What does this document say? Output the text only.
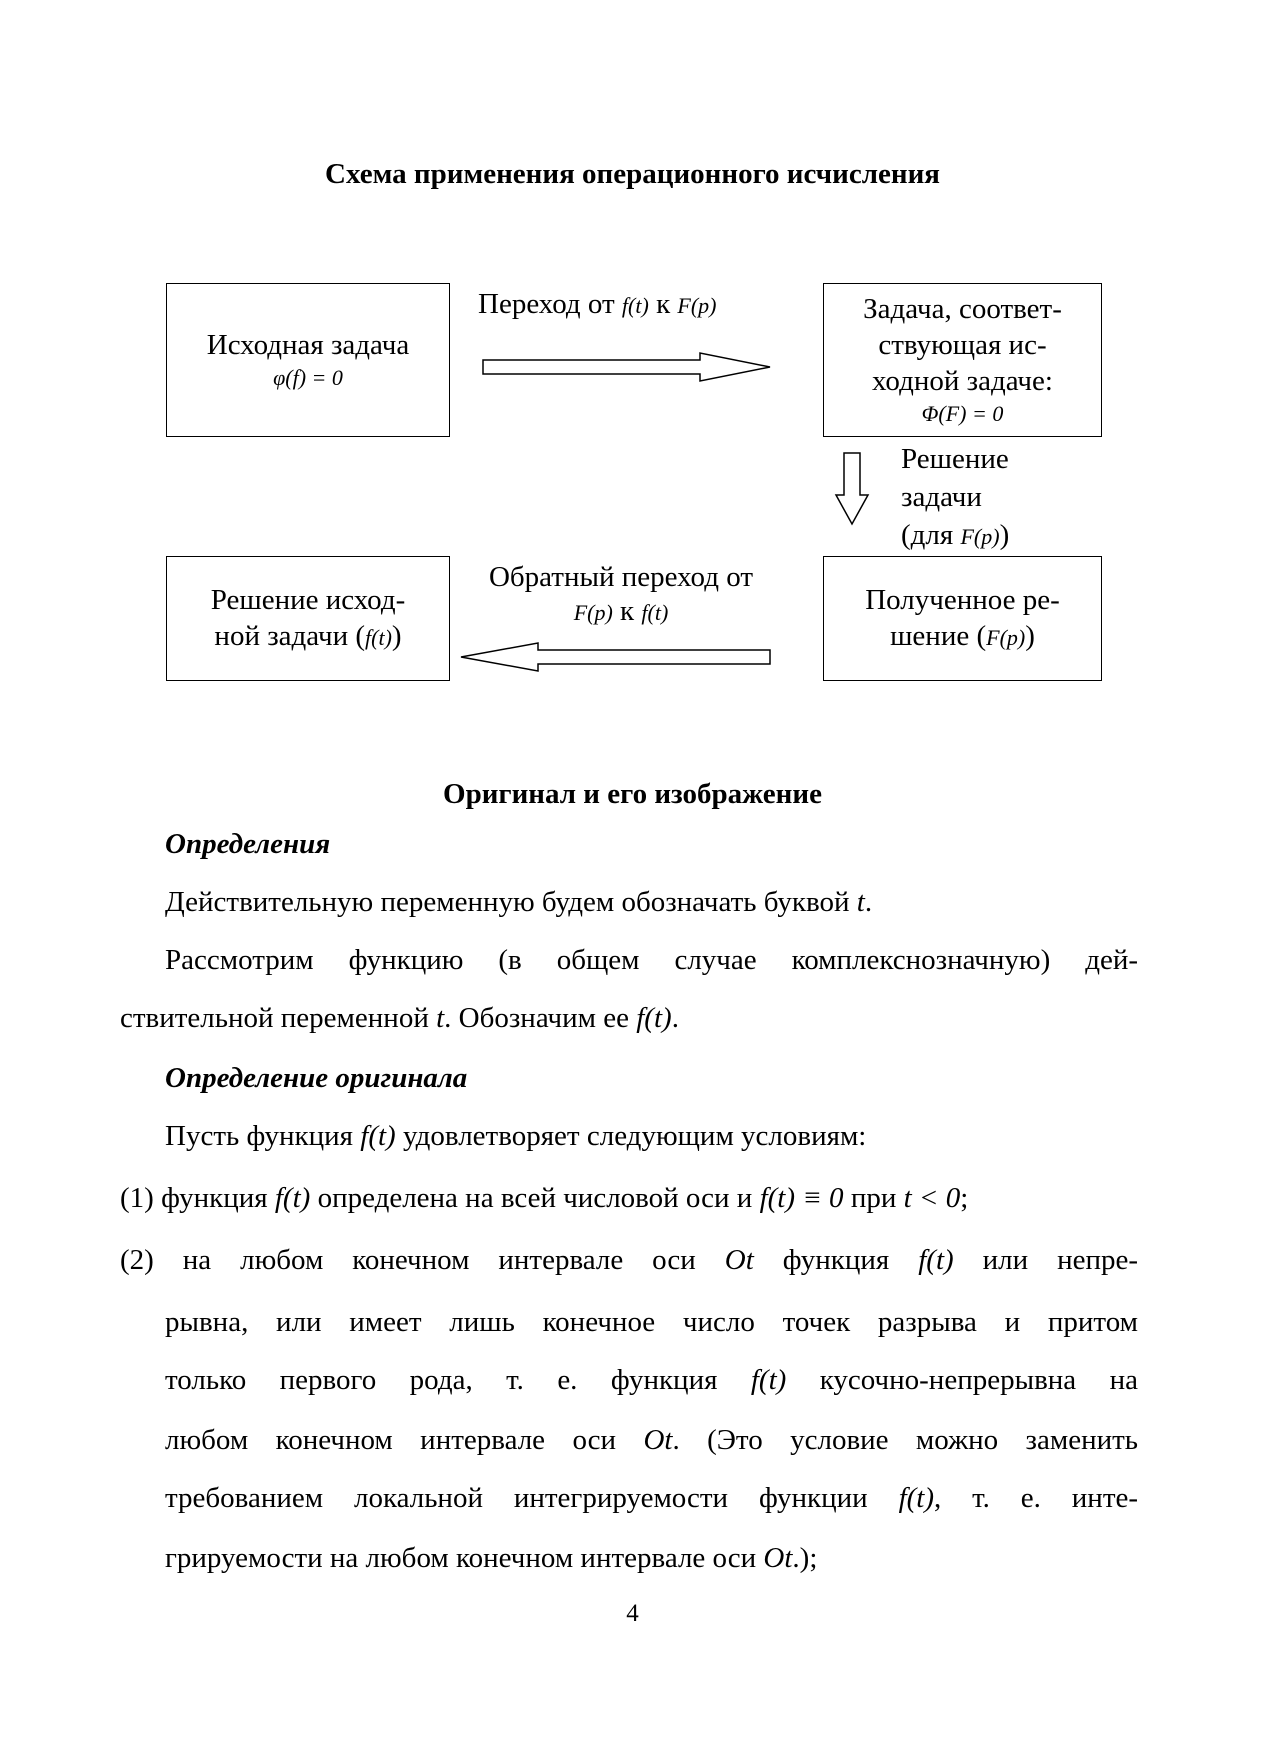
Схема применения операционного исчисления
Исходная задача
φ(f) = 0
Переход от f(t) к F(p)	Задача, соответ-
ствующая ис-
ходной задаче:
Φ(F) = 0
Решение
задачи
(для F(p))
Полученное ре-
шение (F(p))
Обратный переход от
F(p) к f(t)
Решение исход-
ной задачи (f(t))
Оригинал и его изображение
Определения
Действительную переменную будем обозначать буквой t.
Рассмотрим функцию (в общем случае комплекснозначную) дей-
ствительной переменной t. Обозначим ее f(t).
Определение оригинала
Пусть функция f(t) удовлетворяет следующим условиям:
(1) функция f(t) определена на всей числовой оси и f(t) ≡ 0 при t < 0;
(2) на любом конечном интервале оси Ot функция f(t) или непре-
рывна, или имеет лишь конечное число точек разрыва и притом
только первого рода, т. е. функция f(t) кусочно-непрерывна на
любом конечном интервале оси Ot. (Это условие можно заменить
требованием локальной интегрируемости функции f(t), т. е. инте-
грируемости на любом конечном интервале оси Ot.);
4
